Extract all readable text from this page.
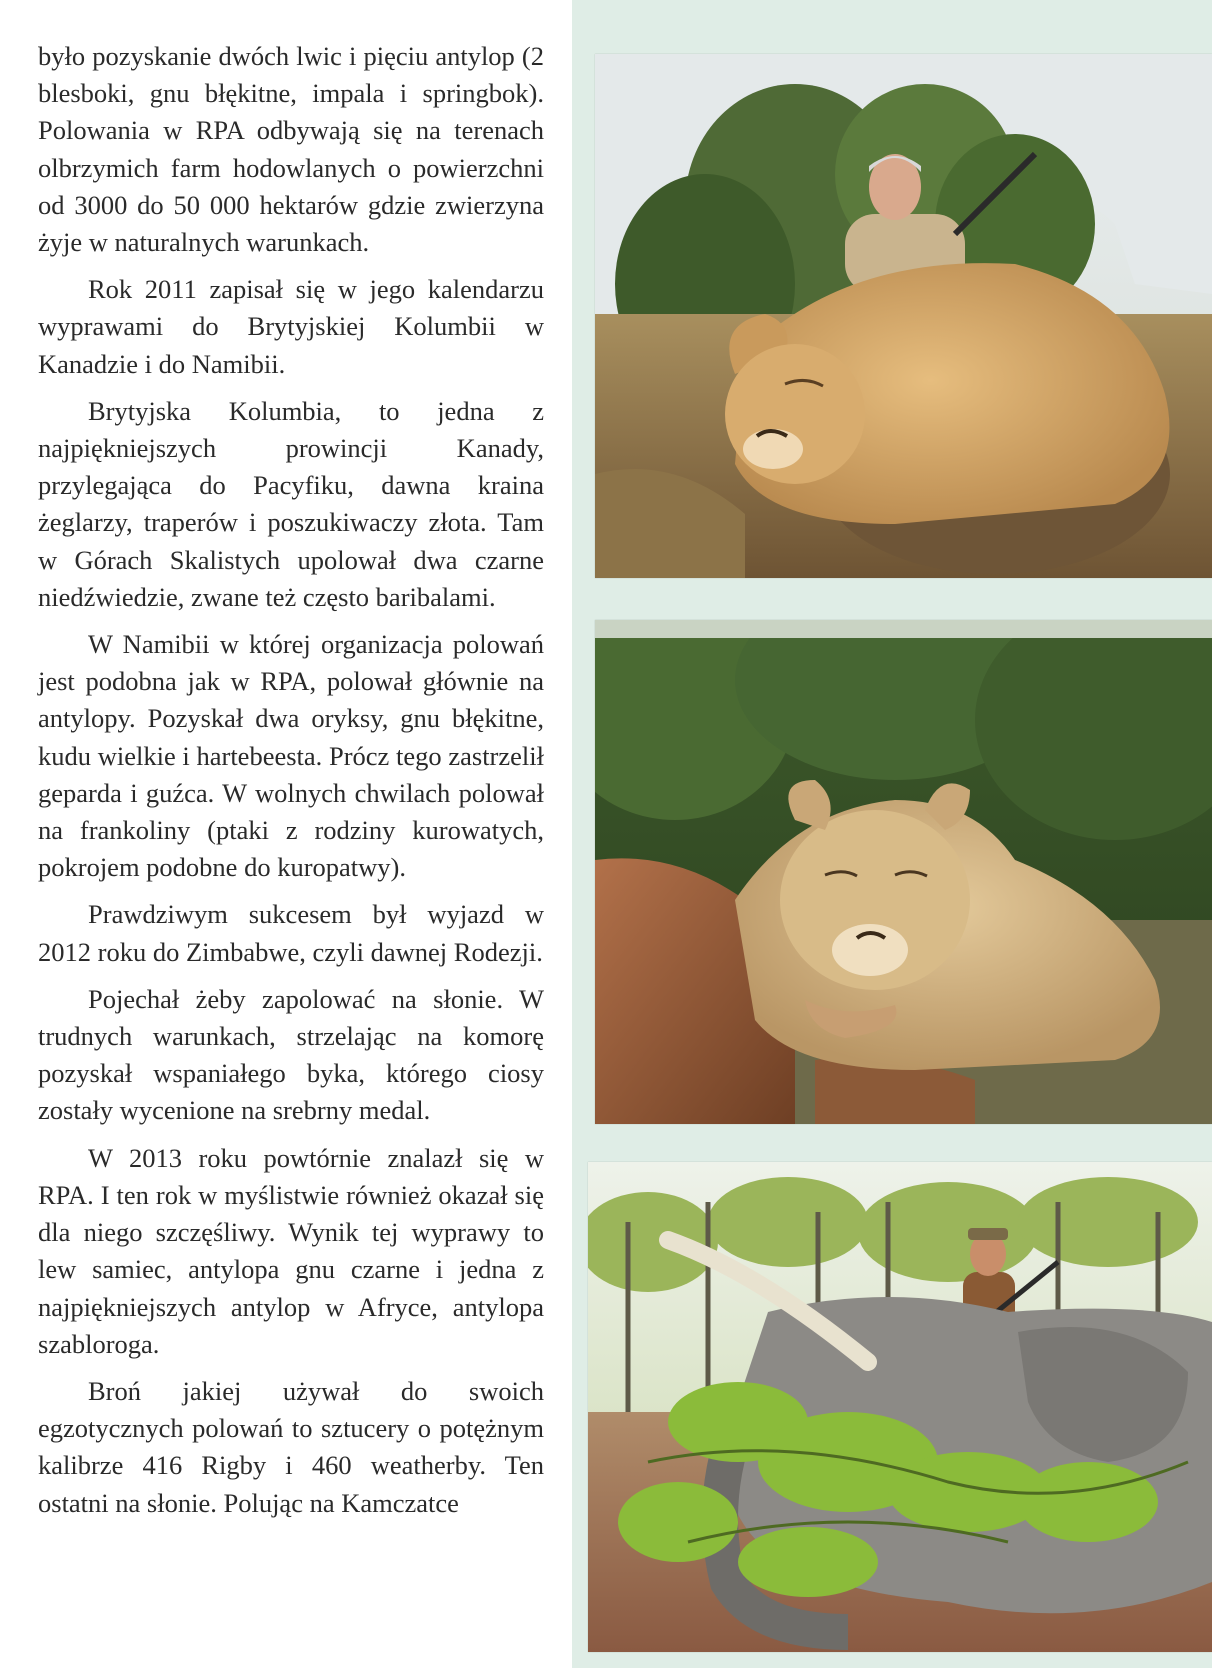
było pozyskanie dwóch lwic i pięciu antylop (2 blesboki, gnu błękitne, impala i springbok). Polowania w RPA odbywają się na terenach olbrzymich farm hodowlanych o powierzchni od 3000 do 50 000 hektarów gdzie zwierzyna żyje w naturalnych warunkach.

Rok 2011 zapisał się w jego kalendarzu wyprawami do Brytyjskiej Kolumbii w Kanadzie i do Namibii.

Brytyjska Kolumbia, to jedna z najpiękniejszych prowincji Kanady, przylegająca do Pacyfiku, dawna kraina żeglarzy, traperów i poszukiwaczy złota. Tam w Górach Skalistych upolował dwa czarne niedźwiedzie, zwane też często baribalami.

W Namibii w której organizacja polowań jest podobna jak w RPA, polował głównie na antylopy. Pozyskał dwa oryksy, gnu błękitne, kudu wielkie i hartebeesta. Prócz tego zastrzelił geparda i guźca. W wolnych chwilach polował na frankoliny (ptaki z rodziny kurowatych, pokrojem podobne do kuropatwy).

Prawdziwym sukcesem był wyjazd w 2012 roku do Zimbabwe, czyli dawnej Rodezji.

Pojechał żeby zapolować na słonie. W trudnych warunkach, strzelając na komorę pozyskał wspaniałego byka, którego ciosy zostały wycenione na srebrny medal.

W 2013 roku powtórnie znalazł się w RPA. I ten rok w myślistwie również okazał się dla niego szczęśliwy. Wynik tej wyprawy to lew samiec, antylopa gnu czarne i jedna z najpiękniejszych antylop w Afryce, antylopa szabloroga.

Broń jakiej używał do swoich egzotycznych polowań to sztucery o potężnym kalibrze 416 Rigby i 460 weatherby. Ten ostatni na słonie. Polując na Kamczatce
